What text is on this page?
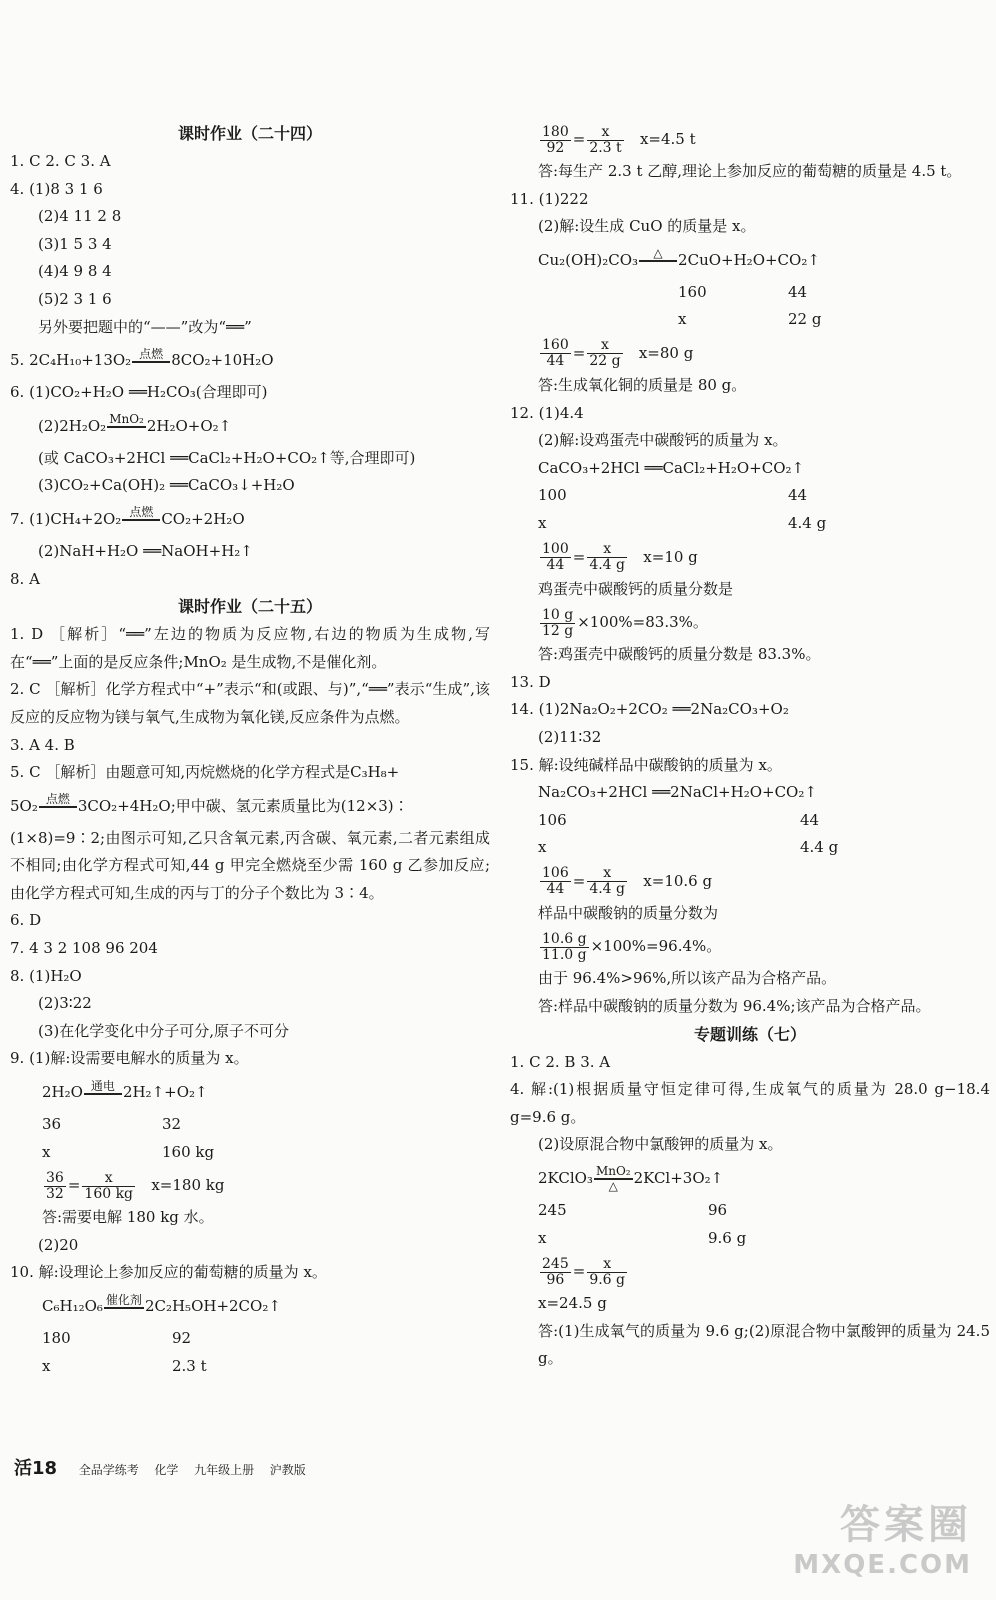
课时作业（二十四）
1. C 2. C 3. A
4. (1)8 3 1 6
(2)4 11 2 8
(3)1 5 3 4
(4)4 9 8 4
(5)2 3 1 6
另外要把题中的“——”改为“══”
5. 2C₄H₁₀+13O₂ 点燃 8CO₂+10H₂O
6. (1)CO₂+H₂O ══H₂CO₃(合理即可)
(2)2H₂O₂ MnO₂ 2H₂O+O₂↑
(或 CaCO₃+2HCl ══CaCl₂+H₂O+CO₂↑等,合理即可)
(3)CO₂+Ca(OH)₂ ══CaCO₃↓+H₂O
7. (1)CH₄+2O₂ 点燃 CO₂+2H₂O
(2)NaH+H₂O ══NaOH+H₂↑
8. A
课时作业（二十五）
1. D ［解析］“══”左边的物质为反应物,右边的物质为生成物,写在“══”上面的是反应条件;MnO₂ 是生成物,不是催化剂。
2. C ［解析］化学方程式中“+”表示“和(或跟、与)”,“══”表示“生成”,该反应的反应物为镁与氧气,生成物为氧化镁,反应条件为点燃。
3. A 4. B
5. C ［解析］由题意可知,丙烷燃烧的化学方程式是C₃H₈+
5O₂ 点燃 3CO₂+4H₂O;甲中碳、氢元素质量比为(12×3)∶
(1×8)=9∶2;由图示可知,乙只含氧元素,丙含碳、氧元素,二者元素组成不相同;由化学方程式可知,44 g 甲完全燃烧至少需 160 g 乙参加反应;由化学方程式可知,生成的丙与丁的分子个数比为 3∶4。
6. D
7. 4 3 2 108 96 204
8. (1)H₂O
(2)3∶22
(3)在化学变化中分子可分,原子不可分
9. (1)解:设需要电解水的质量为 x。
2H₂O 通电 2H₂↑+O₂↑
36	32
x	160 kg
$\frac{36}{32} = \frac{x}{160 kg} x=180$ kg
答:需要电解 180 kg 水。
(2)20
10. 解:设理论上参加反应的葡萄糖的质量为 x。
C₆H₁₂O₆ 催化剂 2C₂H₅OH+2CO₂↑
180	92
x	2.3 t
$\frac{180}{92} = \frac{x}{2.3 t} x=4.5$ t
答:每生产 2.3 t 乙醇,理论上参加反应的葡萄糖的质量是 4.5 t。
11. (1)222
(2)解:设生成 CuO 的质量是 x。
Cu₂(OH)₂CO₃	△	2CuO+H₂O+CO₂↑
160	44
x	22 g
$\frac{160}{44} = \frac{x}{22 g} x=80$ g
答:生成氧化铜的质量是 80 g。
12. (1)4.4
(2)解:设鸡蛋壳中碳酸钙的质量为 x。
CaCO₃+2HCl ══CaCl₂+H₂O+CO₂↑
100	44
x	4.4 g
$\frac{100}{44} = \frac{x}{4.4 g} x=10$ g
鸡蛋壳中碳酸钙的质量分数是
$\frac{10 g}{12 g} \times 100\%=83.3\%$。
答:鸡蛋壳中碳酸钙的质量分数是 83.3%。
13. D
14. (1)2Na₂O₂+2CO₂ ══2Na₂CO₃+O₂
(2)11∶32
15. 解:设纯碱样品中碳酸钠的质量为 x。
Na₂CO₃+2HCl ══2NaCl+H₂O+CO₂↑
106	44
x	4.4 g
$\frac{106}{44} = \frac{x}{4.4 g} x=10.6$ g
样品中碳酸钠的质量分数为
$\frac{10.6 g}{11.0 g} \times 100\%=96.4\%$。
由于 96.4%>96%,所以该产品为合格产品。
答:样品中碳酸钠的质量分数为 96.4%;该产品为合格产品。
专题训练（七）
1. C 2. B 3. A
4. 解:(1)根据质量守恒定律可得,生成氧气的质量为 28.0 g−18.4 g=9.6 g。
(2)设原混合物中氯酸钾的质量为 x。
2KClO₃ MnO₂
△	2KCl+3O₂↑
245	96
x	9.6 g
$\frac{245}{96} = \frac{x}{9.6 g}$
x=24.5 g
答:(1)生成氧气的质量为 9.6 g;(2)原混合物中氯酸钾的质量为 24.5 g。
活18 全品学练考 化学 九年级上册 沪教版
答案圈
MXQE.COM
